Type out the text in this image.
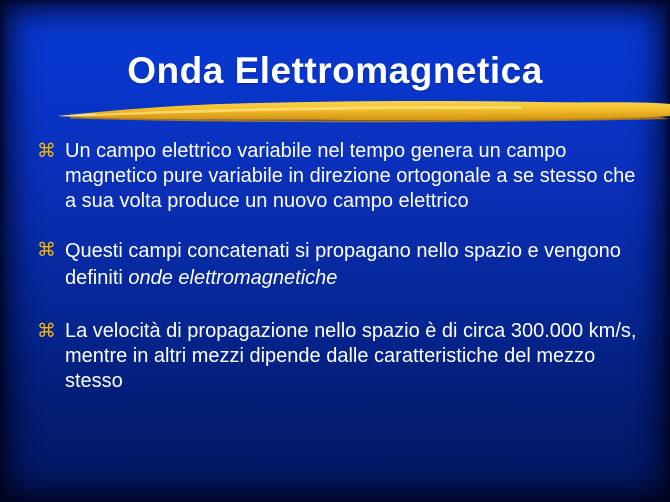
Onda Elettromagnetica
⌘ Un campo elettrico variabile nel tempo genera un campo magnetico pure variabile in direzione ortogonale a se stesso che a sua volta produce un nuovo campo elettrico
⌘ Questi campi concatenati si propagano nello spazio e vengono definiti onde elettromagnetiche
⌘ La velocità di propagazione nello spazio è di circa 300.000 km/s, mentre in altri mezzi dipende dalle caratteristiche del mezzo stesso
